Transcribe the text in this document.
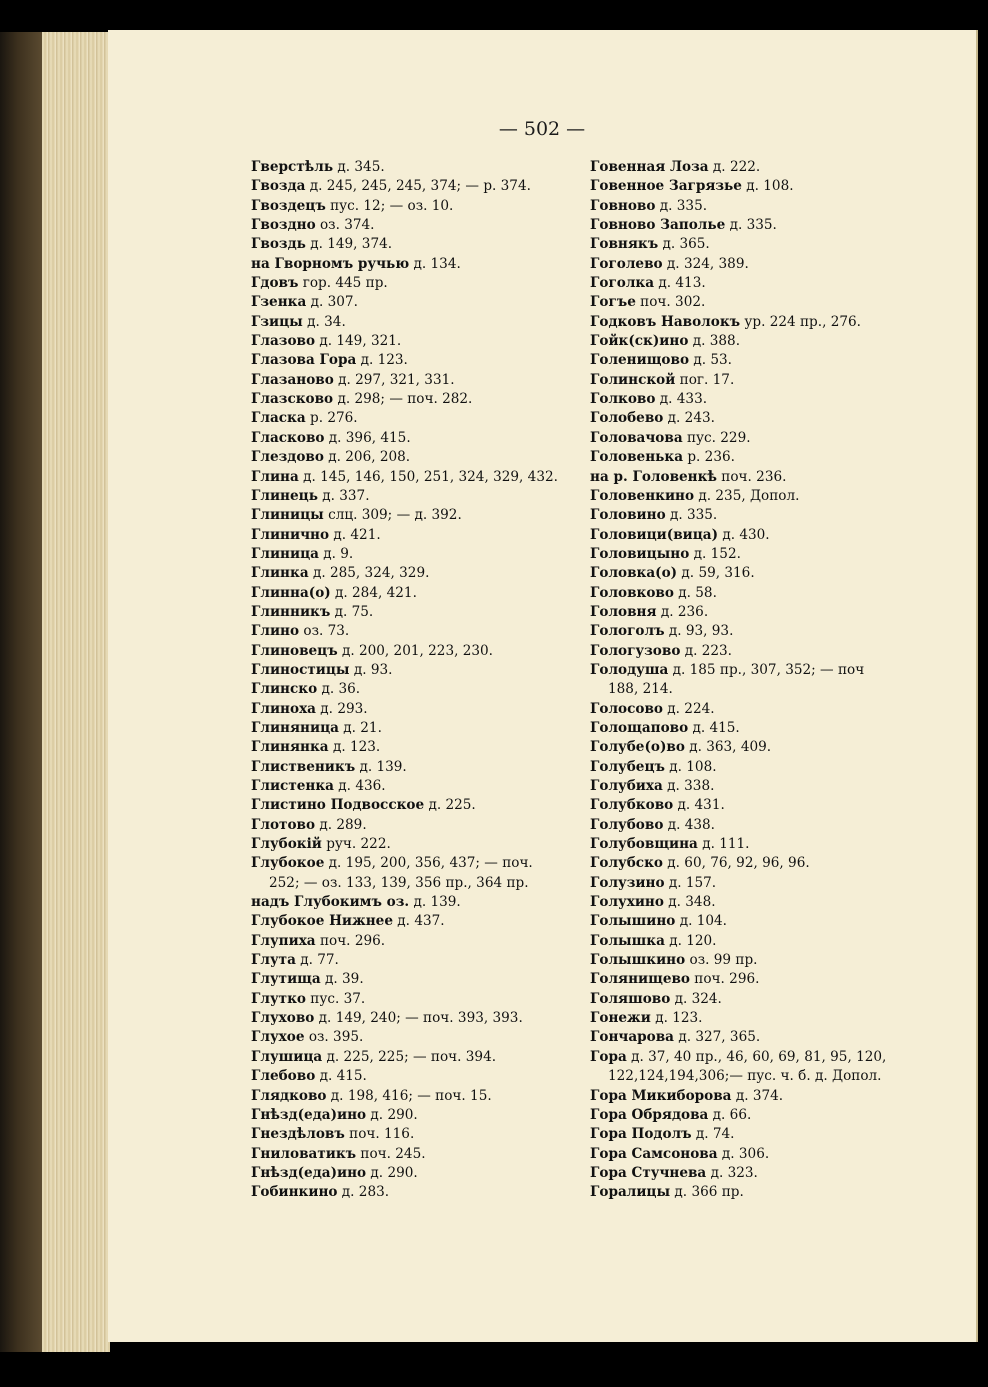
— 502 —
Гверстѣль д. 345.
Гвозда д. 245, 245, 245, 374; — р. 374.
Гвоздецъ пус. 12; — оз. 10.
Гвоздно оз. 374.
Гвоздь д. 149, 374.
на Гворномъ ручью д. 134.
Гдовъ гор. 445 пр.
Гзенка д. 307.
Гзицы д. 34.
Глазово д. 149, 321.
Глазова Гора д. 123.
Глазаново д. 297, 321, 331.
Глазсково д. 298; — поч. 282.
Гласка р. 276.
Гласково д. 396, 415.
Глездово д. 206, 208.
Глина д. 145, 146, 150, 251, 324, 329, 432.
Глинець д. 337.
Глиницы слц. 309; — д. 392.
Глинично д. 421.
Глиница д. 9.
Глинка д. 285, 324, 329.
Глинна(о) д. 284, 421.
Глинникъ д. 75.
Глино оз. 73.
Глиновецъ д. 200, 201, 223, 230.
Глиностицы д. 93.
Глинско д. 36.
Глиноха д. 293.
Глиняница д. 21.
Глинянка д. 123.
Глиственикъ д. 139.
Глистенка д. 436.
Глистино Подвосское д. 225.
Глотово д. 289.
Глубокій руч. 222.
Глубокое д. 195, 200, 356, 437; — поч.
252; — оз. 133, 139, 356 пр., 364 пр.
надъ Глубокимъ оз. д. 139.
Глубокое Нижнее д. 437.
Глупиха поч. 296.
Глута д. 77.
Глутища д. 39.
Глутко пус. 37.
Глухово д. 149, 240; — поч. 393, 393.
Глухое оз. 395.
Глушица д. 225, 225; — поч. 394.
Глебово д. 415.
Глядково д. 198, 416; — поч. 15.
Гнѣзд(еда)ино д. 290.
Гнездѣловъ поч. 116.
Гниловатикъ поч. 245.
Гнѣзд(еда)ино д. 290.
Гобинкино д. 283.
Говенная Лоза д. 222.
Говенное Загрязье д. 108.
Говново д. 335.
Говново Заполье д. 335.
Говнякъ д. 365.
Гоголево д. 324, 389.
Гоголка д. 413.
Гогъе поч. 302.
Годковъ Наволокъ ур. 224 пр., 276.
Гойк(ск)ино д. 388.
Голенищово д. 53.
Голинской пог. 17.
Голково д. 433.
Голобево д. 243.
Головачова пус. 229.
Головенька р. 236.
на р. Головенкѣ поч. 236.
Головенкино д. 235, Допол.
Головино д. 335.
Головици(вица) д. 430.
Головицыно д. 152.
Головка(о) д. 59, 316.
Головково д. 58.
Головня д. 236.
Гологолъ д. 93, 93.
Гологузово д. 223.
Голодуша д. 185 пр., 307, 352; — поч
188, 214.
Голосово д. 224.
Голощапово д. 415.
Голубе(о)во д. 363, 409.
Голубецъ д. 108.
Голубиха д. 338.
Голубково д. 431.
Голубово д. 438.
Голубовщина д. 111.
Голубско д. 60, 76, 92, 96, 96.
Голузино д. 157.
Голухино д. 348.
Голышино д. 104.
Голышка д. 120.
Голышкино оз. 99 пр.
Голянищево поч. 296.
Голяшово д. 324.
Гонежи д. 123.
Гончарова д. 327, 365.
Гора д. 37, 40 пр., 46, 60, 69, 81, 95, 120,
122,124,194,306;— пус. ч. б. д. Допол.
Гора Микиборова д. 374.
Гора Обрядова д. 66.
Гора Подолъ д. 74.
Гора Самсонова д. 306.
Гора Стучнева д. 323.
Горалицы д. 366 пр.
